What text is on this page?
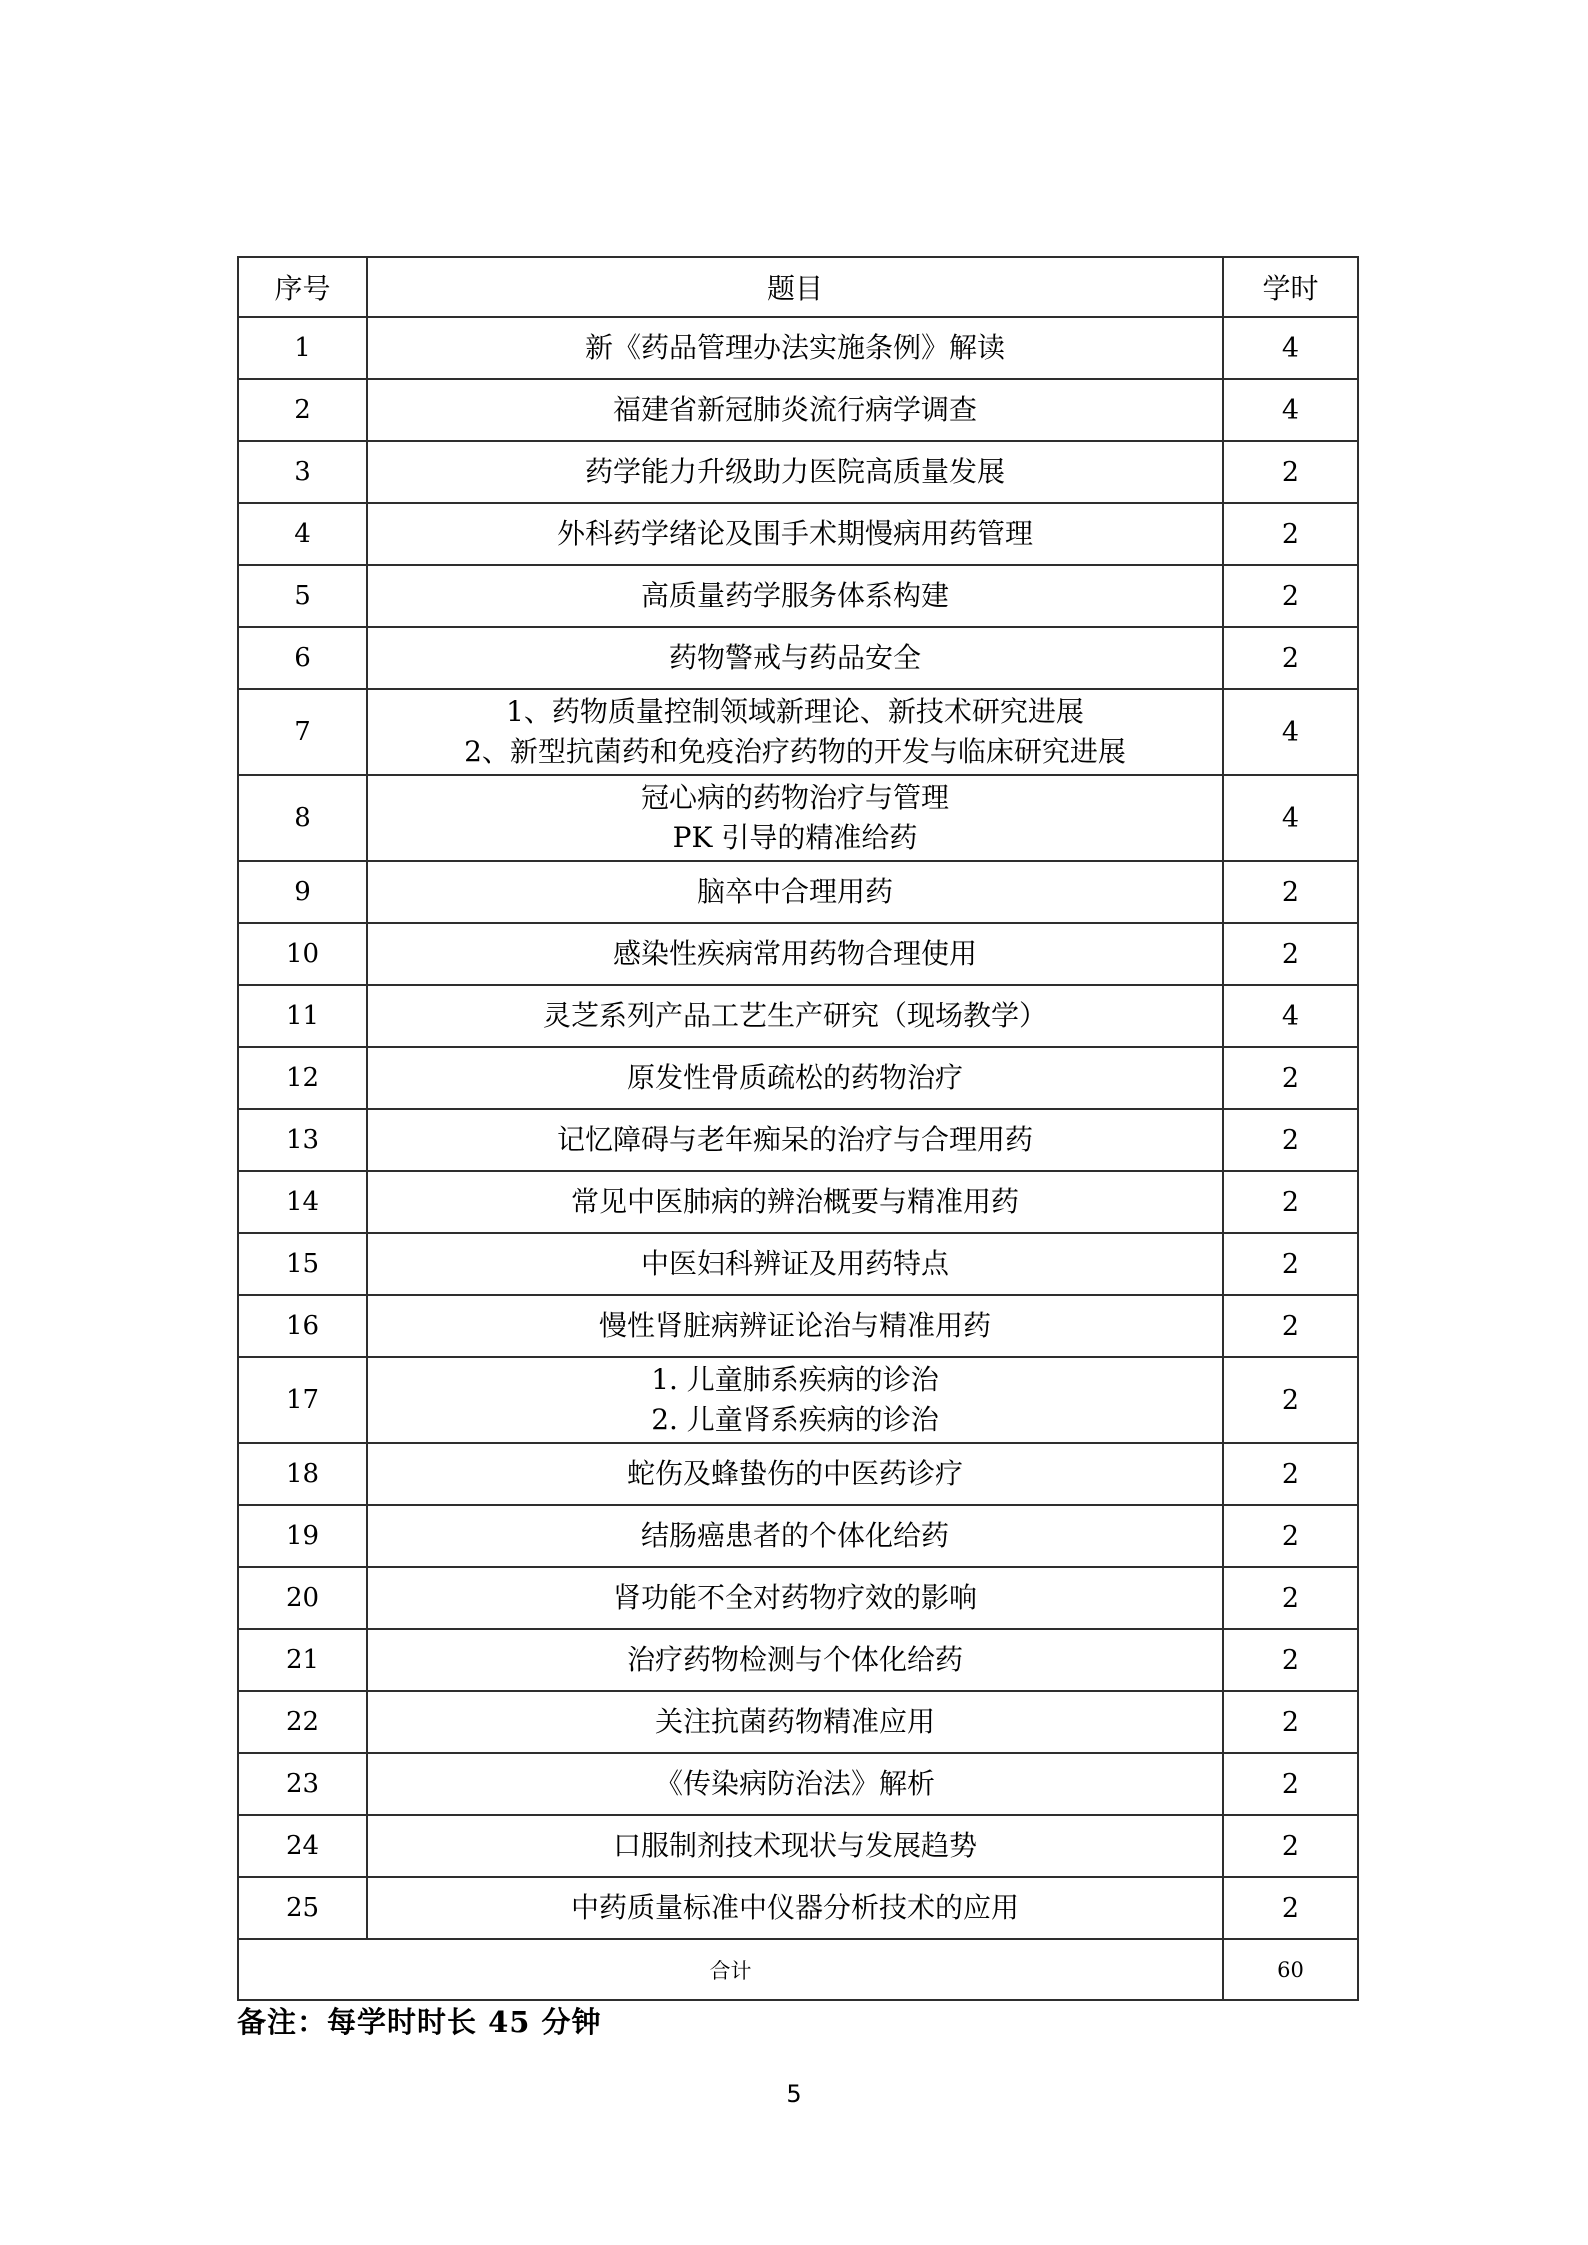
序号	题目	学时
1	新《药品管理办法实施条例》解读	4
2	福建省新冠肺炎流行病学调查	4
3	药学能力升级助力医院高质量发展	2
4	外科药学绪论及围手术期慢病用药管理	2
5	高质量药学服务体系构建	2
6	药物警戒与药品安全	2
7	1、药物质量控制领域新理论、新技术研究进展
2、新型抗菌药和免疫治疗药物的开发与临床研究进展	4
8	冠心病的药物治疗与管理
PK 引导的精准给药	4
9	脑卒中合理用药	2
10	感染性疾病常用药物合理使用	2
11	灵芝系列产品工艺生产研究（现场教学）	4
12	原发性骨质疏松的药物治疗	2
13	记忆障碍与老年痴呆的治疗与合理用药	2
14	常见中医肺病的辨治概要与精准用药	2
15	中医妇科辨证及用药特点	2
16	慢性肾脏病辨证论治与精准用药	2
17	1. 儿童肺系疾病的诊治
2. 儿童肾系疾病的诊治	2
18	蛇伤及蜂蛰伤的中医药诊疗	2
19	结肠癌患者的个体化给药	2
20	肾功能不全对药物疗效的影响	2
21	治疗药物检测与个体化给药	2
22	关注抗菌药物精准应用	2
23	《传染病防治法》解析	2
24	口服制剂技术现状与发展趋势	2
25	中药质量标准中仪器分析技术的应用	2
合计		60
备注：每学时时长 45 分钟
5
